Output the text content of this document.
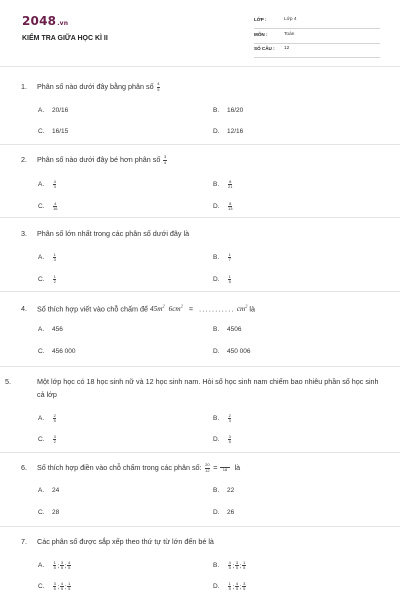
2048.vn
KIỂM TRA GIỮA HỌC KÌ II
LỚP :	Lớp 4
MÔN :	Toán
SỐ CÂU : 12
1. Phân số nào dưới đây bằng phân số $\frac{4}{5}$
A. 20/16	B. 16/20
C. 16/15	D. 12/16
2. Phân số nào dưới đây bé hơn phân số $\frac{3}{4}$
A. $\frac{4}{3}$	B. $\frac{8}{21}$
C. $\frac{4}{16}$	D. $\frac{8}{13}$
3. Phân số lớn nhất trong các phân số dưới đây là
A. $\frac{1}{3}$	B. $\frac{1}{7}$
C. $\frac{1}{2}$	D. $\frac{1}{5}$
4. Số thích hợp viết vào chỗ chấm để $45m^2$ $6cm^2$ = ........... $cm^2$ là
A. 456	B. 4506
C. 456 000	D. 450 006
5.	Một lớp học có 18 học sinh nữ và 12 học sinh nam. Hỏi số học sinh nam chiếm bao nhiêu phần số học sinh cả lớp
A. $\frac{2}{5}$	B. $\frac{2}{3}$
C. $\frac{3}{2}$	D. $\frac{3}{5}$
6. Số thích hợp điền vào chỗ chấm trong các phân số: $\frac{20}{12}$ =	18	là
A. 24	B. 22
C. 28	D. 26
7. Các phân số được sắp xếp theo thứ tự từ lớn đến bé là
A. $\frac{1}{5}$ ; $\frac{3}{5}$ ; $\frac{4}{5}$	B. $\frac{4}{5}$ ; $\frac{3}{5}$ ; $\frac{1}{5}$
C. $\frac{3}{5}$ ; $\frac{4}{5}$ ; $\frac{1}{5}$	D. $\frac{1}{5}$ ; $\frac{4}{5}$ ; $\frac{3}{5}$
